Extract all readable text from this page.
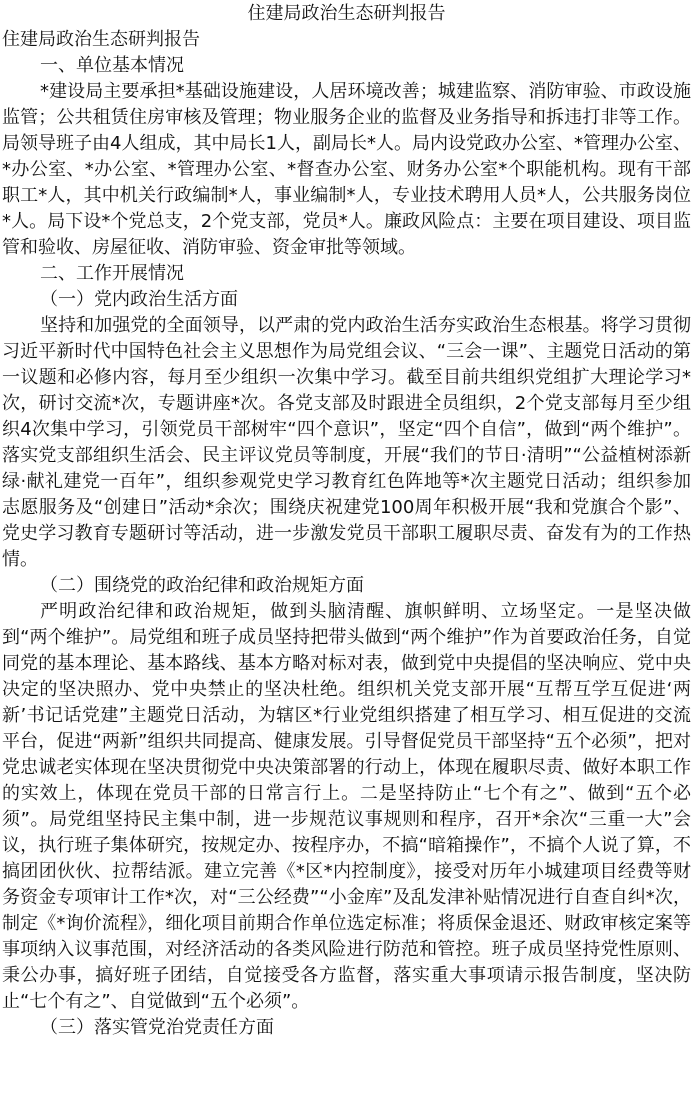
住建局政治生态研判报告

住建局政治生态研判报告

一、单位基本情况

*建设局主要承担*基础设施建设，人居环境改善；城建监察、消防审验、市政设施监管；公共租赁住房审核及管理；物业服务企业的监督及业务指导和拆违打非等工作。局领导班子由4人组成，其中局长1人，副局长*人。局内设党政办公室、*管理办公室、*办公室、*办公室、*管理办公室、*督查办公室、财务办公室*个职能机构。现有干部职工*人，其中机关行政编制*人，事业编制*人，专业技术聘用人员*人，公共服务岗位*人。局下设*个党总支，2个党支部，党员*人。廉政风险点：主要在项目建设、项目监管和验收、房屋征收、消防审验、资金审批等领域。

二、工作开展情况

（一）党内政治生活方面

坚持和加强党的全面领导，以严肃的党内政治生活夯实政治生态根基。将学习贯彻习近平新时代中国特色社会主义思想作为局党组会议、“三会一课”、主题党日活动的第一议题和必修内容，每月至少组织一次集中学习。截至目前共组织党组扩大理论学习*次，研讨交流*次，专题讲座*次。各党支部及时跟进全员组织，2个党支部每月至少组织4次集中学习，引领党员干部树牢“四个意识”，坚定“四个自信”，做到“两个维护”。落实党支部组织生活会、民主评议党员等制度，开展“我们的节日·清明”“公益植树添新绿·献礼建党一百年”，组织参观党史学习教育红色阵地等*次主题党日活动；组织参加志愿服务及“创建日”活动*余次；围绕庆祝建党100周年积极开展“我和党旗合个影”、党史学习教育专题研讨等活动，进一步激发党员干部职工履职尽责、奋发有为的工作热情。

（二）围绕党的政治纪律和政治规矩方面

严明政治纪律和政治规矩，做到头脑清醒、旗帜鲜明、立场坚定。一是坚决做到“两个维护”。局党组和班子成员坚持把带头做到“两个维护”作为首要政治任务，自觉同党的基本理论、基本路线、基本方略对标对表，做到党中央提倡的坚决响应、党中央决定的坚决照办、党中央禁止的坚决杜绝。组织机关党支部开展“互帮互学互促进‘两新’书记话党建”主题党日活动，为辖区*行业党组织搭建了相互学习、相互促进的交流平台，促进“两新”组织共同提高、健康发展。引导督促党员干部坚持“五个必须”，把对党忠诚老实体现在坚决贯彻党中央决策部署的行动上，体现在履职尽责、做好本职工作的实效上，体现在党员干部的日常言行上。二是坚持防止“七个有之”、做到“五个必须”。局党组坚持民主集中制，进一步规范议事规则和程序，召开*余次“三重一大”会议，执行班子集体研究，按规定办、按程序办，不搞“暗箱操作”，不搞个人说了算，不搞团团伙伙、拉帮结派。建立完善《*区*内控制度》，接受对历年小城建项目经费等财务资金专项审计工作*次，对“三公经费”“小金库”及乱发津补贴情况进行自查自纠*次，制定《*询价流程》，细化项目前期合作单位选定标准；将质保金退还、财政审核定案等事项纳入议事范围，对经济活动的各类风险进行防范和管控。班子成员坚持党性原则、秉公办事，搞好班子团结，自觉接受各方监督，落实重大事项请示报告制度，坚决防止“七个有之”、自觉做到“五个必须”。

（三）落实管党治党责任方面
